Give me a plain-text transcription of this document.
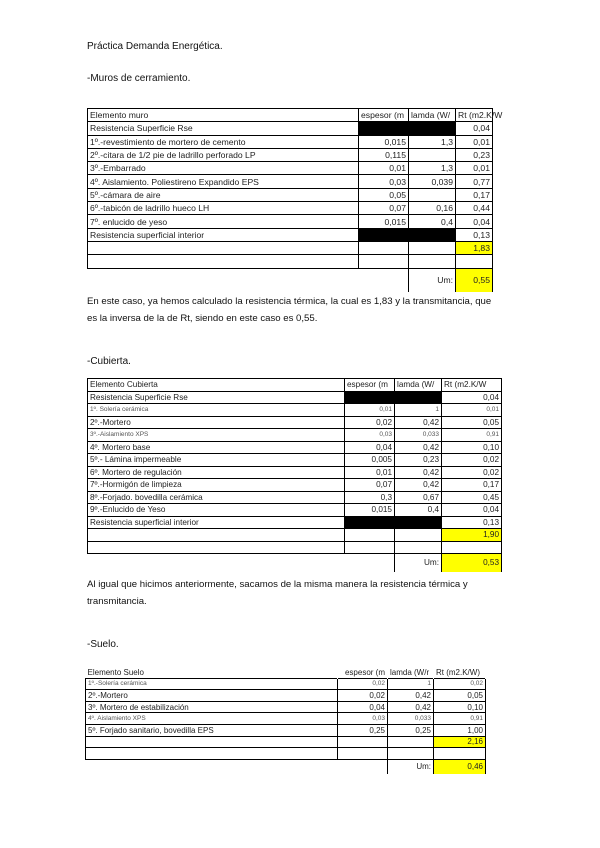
Práctica Demanda Energética.
-Muros de cerramiento.
Elemento muro	espesor (m	lamda (W/	Rt (m2.K/W
Resistencia Superficie Rse			0,04
1º.-revestimiento de mortero de cemento	0,015	1,3	0,01
2º.-citara de 1/2 pie de ladrillo perforado LP	0,115		0,23
3º.-Embarrado	0,01	1,3	0,01
4º. Aislamiento. Poliestireno Expandido EPS	0,03	0,039	0,77
5º.-cámara de aire	0,05		0,17
6º.-tabicón de ladrillo hueco LH	0,07	0,16	0,44
7º. enlucido de yeso	0,015	0,4	0,04
Resistencia superficial interior			0,13
			1,83

		Um:	0,55
En este caso, ya hemos calculado la resistencia térmica, la cual es 1,83 y la transmitancia, que
es la inversa de la de Rt, siendo en este caso es 0,55.
-Cubierta.
Elemento Cubierta	espesor (m	lamda (W/	Rt (m2.K/W
Resistencia Superficie Rse			0,04
1º. Solería cerámica	0,01	1	0,01
2º.-Mortero	0,02	0,42	0,05
3º.-Aislamiento XPS	0,03	0,033	0,91
4º. Mortero base	0,04	0,42	0,10
5º.- Lámina impermeable	0,005	0,23	0,02
6º. Mortero de regulación	0,01	0,42	0,02
7º.-Hormigón de limpieza	0,07	0,42	0,17
8º.-Forjado. bovedilla cerámica	0,3	0,67	0,45
9º.-Enlucido de Yeso	0,015	0,4	0,04
Resistencia superficial interior			0,13
			1,90

		Um:	0,53
Al igual que hicimos anteriormente, sacamos de la misma manera la resistencia térmica y
transmitancia.
-Suelo.
Elemento Suelo	espesor (m	lamda (W/r	Rt (m2.K/W)
1º.-Solería cerámica	0,02	1	0,02
2º.-Mortero	0,02	0,42	0,05
3º. Mortero de estabilización	0,04	0,42	0,10
4º. Aislamiento XPS	0,03	0,033	0,91
5º. Forjado sanitario, bovedilla EPS	0,25	0,25	1,00
			2,16

		Um:	0,46
